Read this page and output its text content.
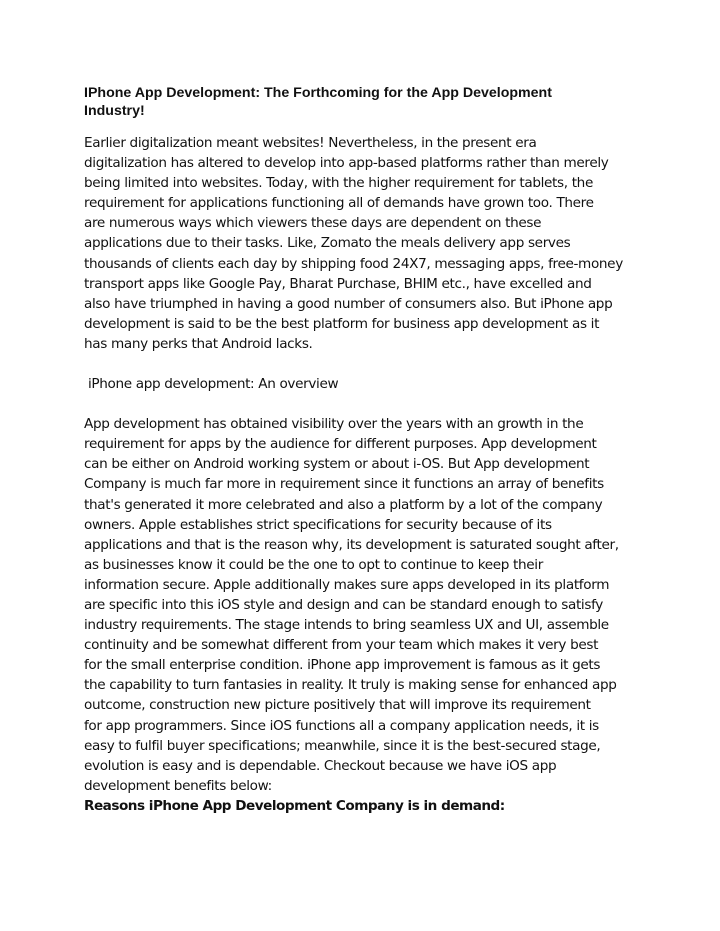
IPhone App Development: The Forthcoming for the App Development
Industry!

Earlier digitalization meant websites! Nevertheless, in the present era
digitalization has altered to develop into app-based platforms rather than merely
being limited into websites. Today, with the higher requirement for tablets, the
requirement for applications functioning all of demands have grown too. There
are numerous ways which viewers these days are dependent on these
applications due to their tasks. Like, Zomato the meals delivery app serves
thousands of clients each day by shipping food 24X7, messaging apps, free-money
transport apps like Google Pay, Bharat Purchase, BHIM etc., have excelled and
also have triumphed in having a good number of consumers also. But iPhone app
development is said to be the best platform for business app development as it
has many perks that Android lacks.

iPhone app development: An overview

App development has obtained visibility over the years with an growth in the
requirement for apps by the audience for different purposes. App development
can be either on Android working system or about i-OS. But App development
Company is much far more in requirement since it functions an array of benefits
that's generated it more celebrated and also a platform by a lot of the company
owners. Apple establishes strict specifications for security because of its
applications and that is the reason why, its development is saturated sought after,
as businesses know it could be the one to opt to continue to keep their
information secure. Apple additionally makes sure apps developed in its platform
are specific into this iOS style and design and can be standard enough to satisfy
industry requirements. The stage intends to bring seamless UX and UI, assemble
continuity and be somewhat different from your team which makes it very best
for the small enterprise condition. iPhone app improvement is famous as it gets
the capability to turn fantasies in reality. It truly is making sense for enhanced app
outcome, construction new picture positively that will improve its requirement
for app programmers. Since iOS functions all a company application needs, it is
easy to fulfil buyer specifications; meanwhile, since it is the best-secured stage,
evolution is easy and is dependable. Checkout because we have iOS app
development benefits below:

Reasons iPhone App Development Company is in demand:
